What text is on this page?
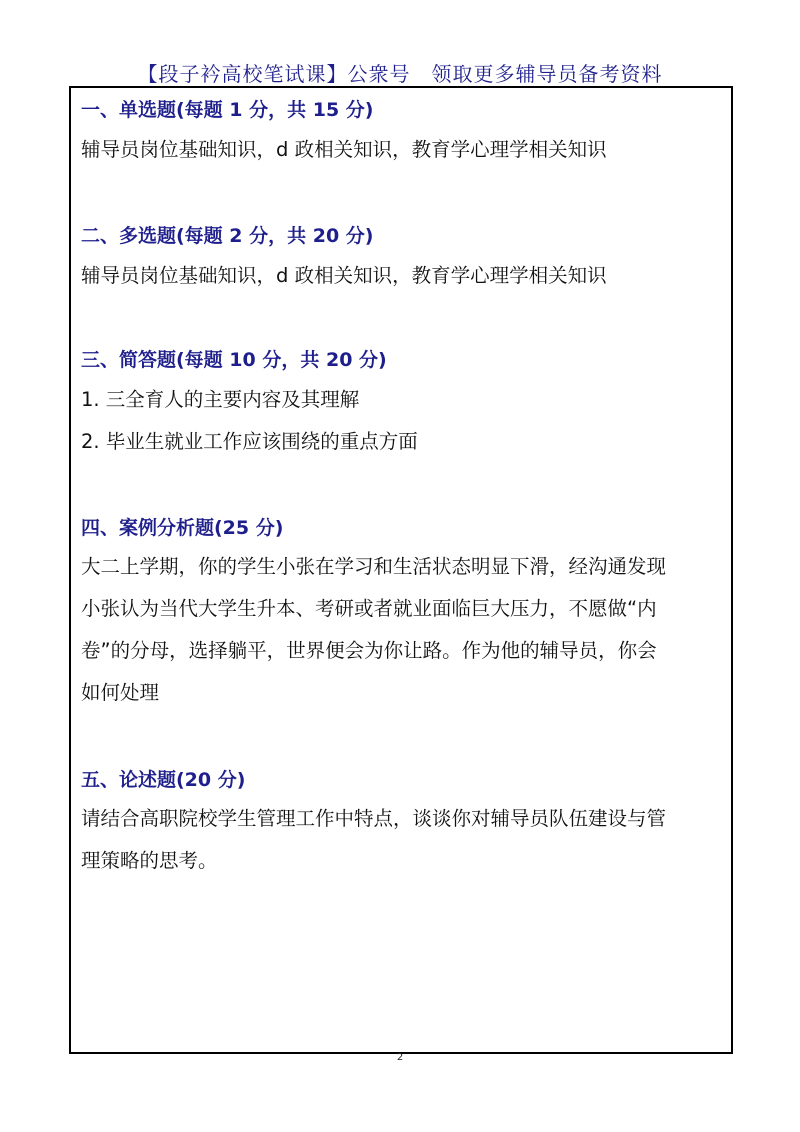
【段子衿高校笔试课】公衆号　领取更多辅导员备考资料
一、单选题(每题 1 分，共 15 分)
辅导员岗位基础知识，d 政相关知识，教育学心理学相关知识
二、多选题(每题 2 分，共 20 分)
辅导员岗位基础知识，d 政相关知识，教育学心理学相关知识
三、简答题(每题 10 分，共 20 分)
1. 三全育人的主要内容及其理解
2. 毕业生就业工作应该围绕的重点方面
四、案例分析题(25 分)
大二上学期，你的学生小张在学习和生活状态明显下滑，经沟通发现
小张认为当代大学生升本、考研或者就业面临巨大压力，不愿做“内
卷”的分母，选择躺平，世界便会为你让路。作为他的辅导员，你会
如何处理
五、论述题(20 分)
请结合高职院校学生管理工作中特点，谈谈你对辅导员队伍建设与管
理策略的思考。
2
